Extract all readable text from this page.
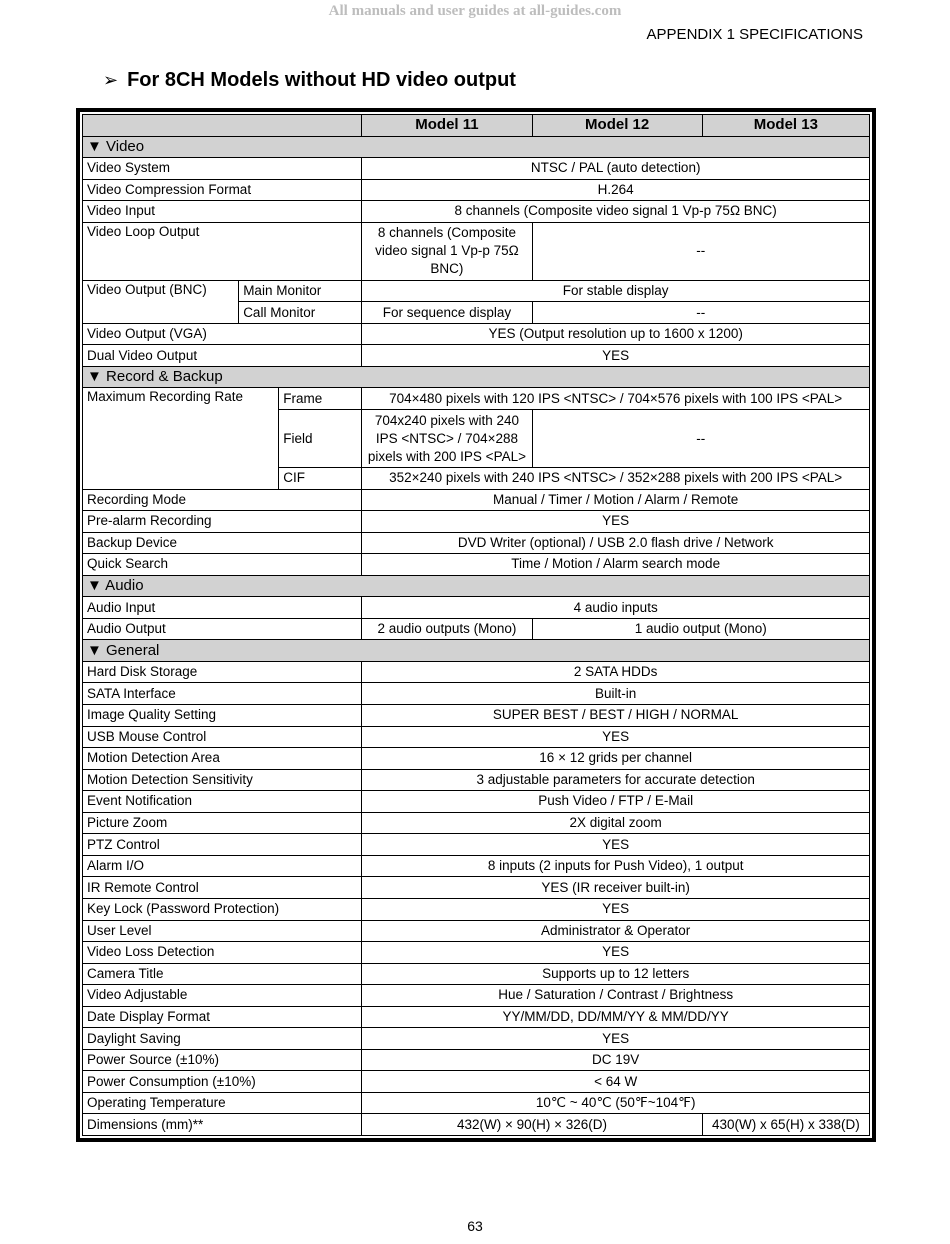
All manuals and user guides at all-guides.com
APPENDIX 1 SPECIFICATIONS
➢ For 8CH Models without HD video output
			Model 11	Model 12	Model 13
▼ Video					
Video System			NTSC / PAL (auto detection)		
Video Compression Format			H.264		
Video Input			8 channels (Composite video signal 1 Vp-p 75Ω BNC)		
Video Loop Output			8 channels (Composite video signal 1 Vp-p 75Ω BNC)	--	
Video Output (BNC)	Main Monitor		For stable display		
	Call Monitor		For sequence display	--	
Video Output (VGA)			YES (Output resolution up to 1600 x 1200)		
Dual Video Output			YES		
▼ Record & Backup					
Maximum Recording Rate		Frame	704×480 pixels with 120 IPS <NTSC> / 704×576 pixels with 100 IPS <PAL>		
		Field	704x240 pixels with 240 IPS <NTSC> / 704×288 pixels with 200 IPS <PAL>	--	
		CIF	352×240 pixels with 240 IPS <NTSC> / 352×288 pixels with 200 IPS <PAL>		
Recording Mode			Manual / Timer / Motion / Alarm / Remote		
Pre-alarm Recording			YES		
Backup Device			DVD Writer (optional) / USB 2.0 flash drive / Network		
Quick Search			Time / Motion / Alarm search mode		
▼ Audio					
Audio Input			4 audio inputs		
Audio Output			2 audio outputs (Mono)	1 audio output (Mono)	
▼ General					
Hard Disk Storage			2 SATA HDDs		
SATA Interface			Built-in		
Image Quality Setting			SUPER BEST / BEST / HIGH / NORMAL		
USB Mouse Control			YES		
Motion Detection Area			16 × 12 grids per channel		
Motion Detection Sensitivity			3 adjustable parameters for accurate detection		
Event Notification			Push Video / FTP / E-Mail		
Picture Zoom			2X digital zoom		
PTZ Control			YES		
Alarm I/O			8 inputs (2 inputs for Push Video), 1 output		
IR Remote Control			YES (IR receiver built-in)		
Key Lock (Password Protection)			YES		
User Level			Administrator & Operator		
Video Loss Detection			YES		
Camera Title			Supports up to 12 letters		
Video Adjustable			Hue / Saturation / Contrast / Brightness		
Date Display Format			YY/MM/DD, DD/MM/YY & MM/DD/YY		
Daylight Saving			YES		
Power Source (±10%)			DC 19V		
Power Consumption (±10%)			< 64 W		
Operating Temperature			10℃ ~ 40℃ (50℉~104℉)		
Dimensions (mm)**			432(W) × 90(H) × 326(D)		430(W) x 65(H) x 338(D)
63
